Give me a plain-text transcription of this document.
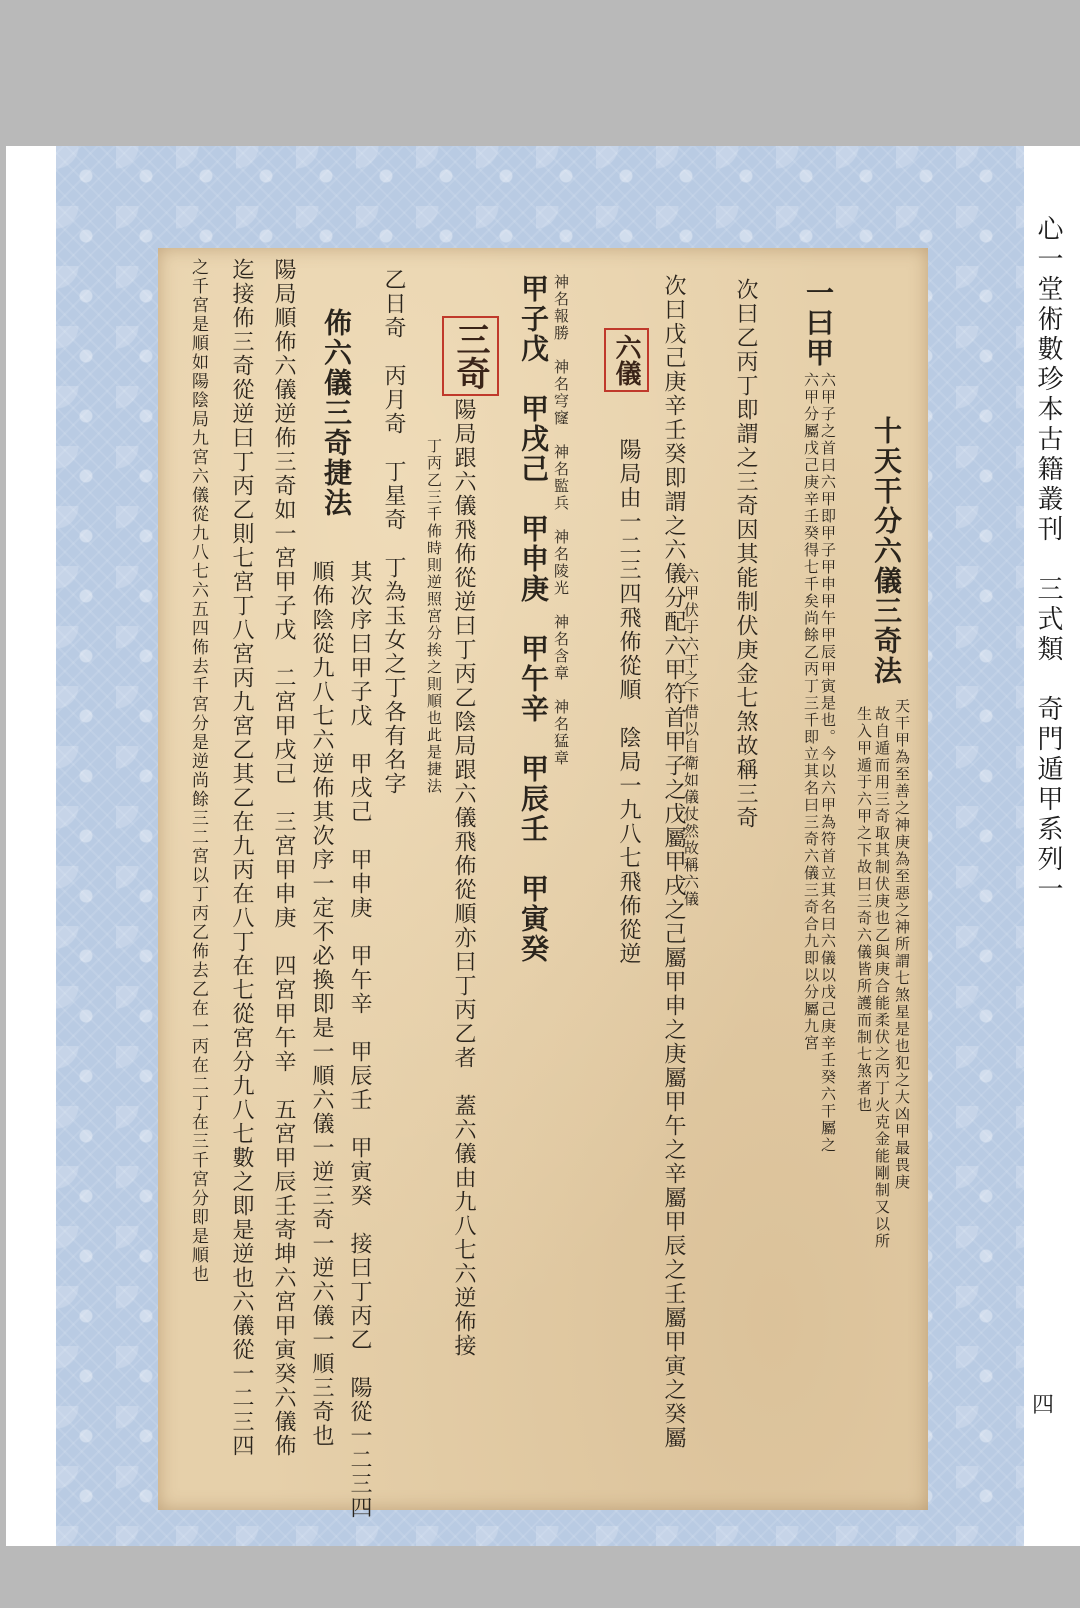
十天干分六儀三奇法
天干甲為至善之神庚為至惡之神所謂七煞星是也犯之大凶甲最畏庚
故自遁而用三奇取其制伏庚也乙與庚合能柔伏之丙丁火克金能剛制又以所
生入甲遁于六甲之下故曰三奇六儀皆所護而制七煞者也
一曰甲
六甲子之首曰六甲即甲子甲申甲午甲辰甲寅是也。今以六甲為符首立其名曰六儀以戊己庚辛壬癸六干屬之
六甲分屬戊己庚辛壬癸得七千矣尚餘乙丙丁三千即立其名曰三奇六儀三奇合九即以分屬九宮
次曰乙丙丁即謂之三奇因其能制伏庚金七煞故稱三奇
次曰戊己庚辛壬癸即謂之六儀分配六甲符首甲子之戊屬甲戌之己屬甲申之庚屬甲午之辛屬甲辰之壬屬甲寅之癸屬
六甲伏于六干之下借以自衛如儀仗然故稱六儀
六儀
陽局由一二三四飛佈從順　陰局一九八七飛佈從逆
神名報勝　神名穹窿　神名監兵　神名陵光　神名含章　神名猛章
甲子戊　甲戌己　甲申庚　甲午辛　甲辰壬　甲寅癸
三奇
陽局跟六儀飛佈從逆曰丁丙乙陰局跟六儀飛佈從順亦曰丁丙乙者　蓋六儀由九八七六逆佈接
丁丙乙三千佈時則逆照宮分挨之則順也此是捷法
乙日奇　丙月奇　丁星奇　丁為玉女之丁各有名字
佈六儀三奇捷法
其次序曰甲子戊　甲戌己　甲申庚　甲午辛　甲辰壬　甲寅癸　接曰丁丙乙　陽從一二三四
順佈陰從九八七六逆佈其次序一定不必換即是一順六儀一逆三奇一逆六儀一順三奇也
陽局順佈六儀逆佈三奇如一宮甲子戊　二宮甲戌己　三宮甲申庚　四宮甲午辛　五宮甲辰壬寄坤六宮甲寅癸六儀佈
迄接佈三奇從逆曰丁丙乙則七宮丁八宮丙九宮乙其乙在九丙在八丁在七從宮分九八七數之即是逆也六儀從一二三四
之千宮是順如陽陰局九宮六儀從九八七六五四佈去千宮分是逆尚餘三二宮以丁丙乙佈去乙在一丙在二丁在三千宮分即是順也	心一堂術數珍本古籍叢刊　三式類　奇門遁甲系列一
四
